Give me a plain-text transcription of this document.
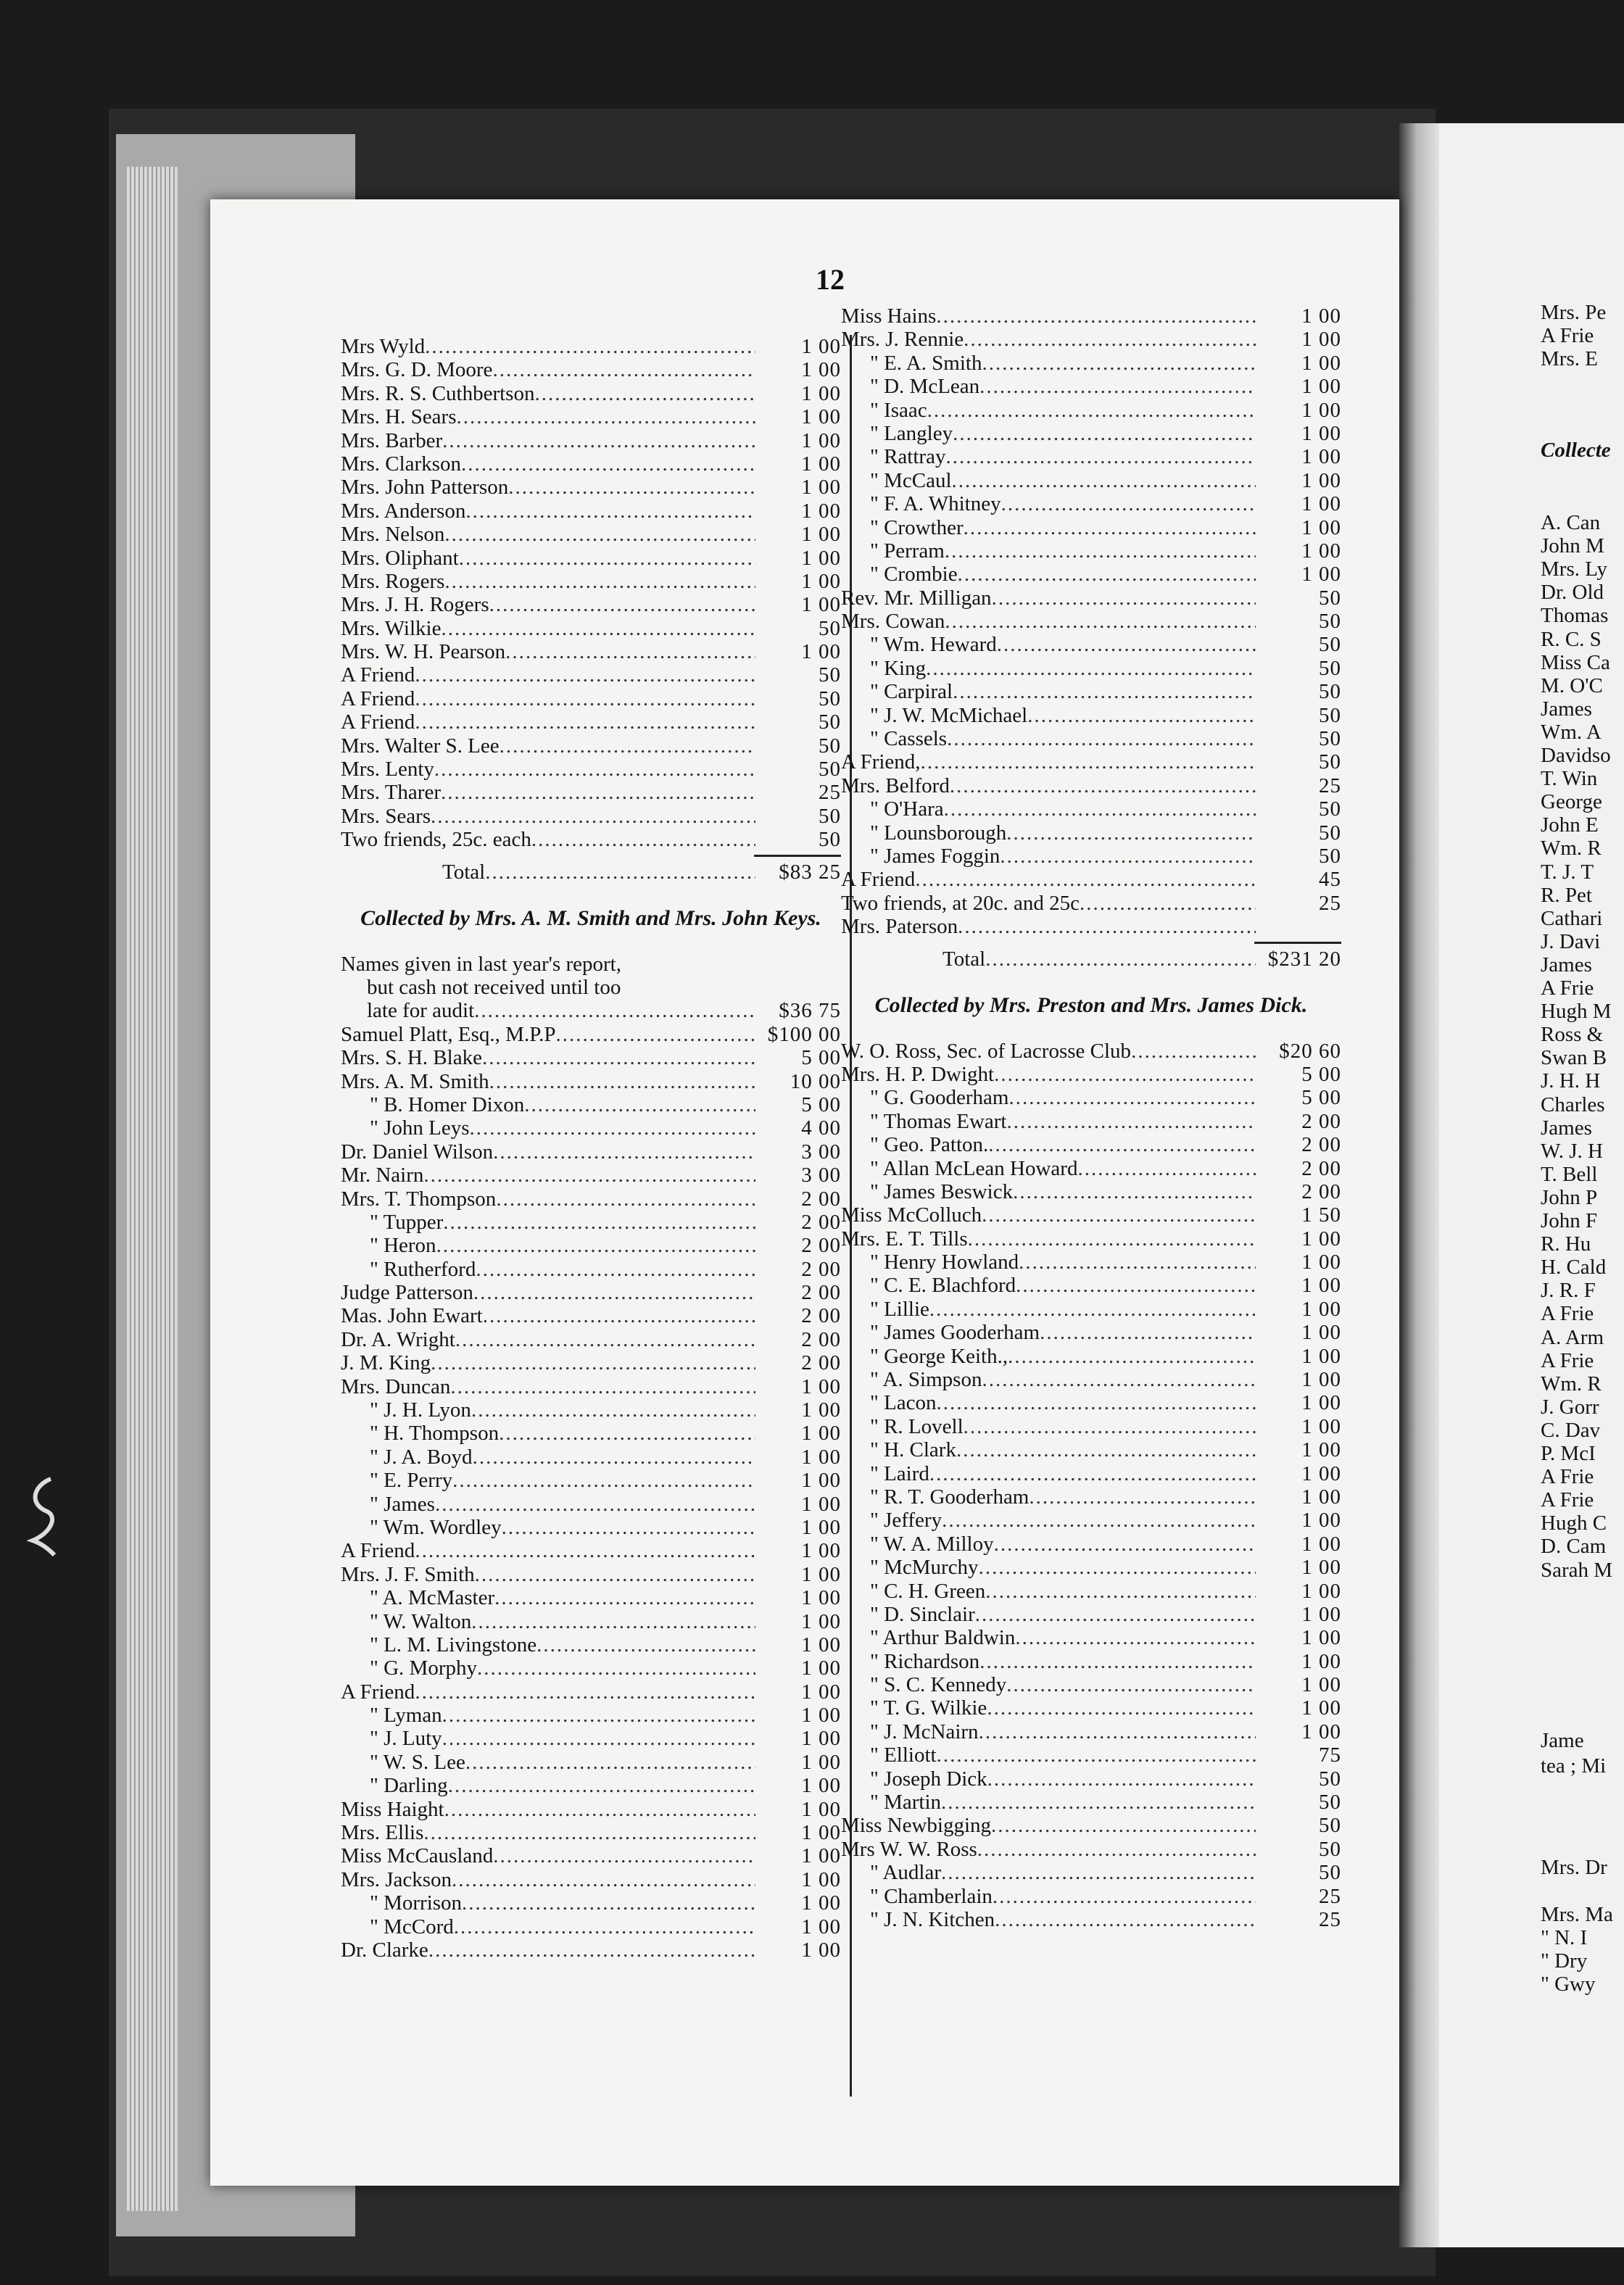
Mrs. Pe
A Frie
Mrs. E
Collecte
A. Can
John M
Mrs. Ly
Dr. Old
Thomas
R. C. S
Miss Ca
M. O'C
James
Wm. A
Davidso
T. Win
George
John E
Wm. R
T. J. T
R. Pet
Cathari
J. Davi
James
A Frie
Hugh M
Ross &
Swan B
J. H. H
Charles
James
W. J. H
T. Bell
John P
John F
R. Hu
H. Cald
J. R. F
A Frie
A. Arm
A Frie
Wm. R
J. Gorr
C. Dav
P. McI
A Frie
A Frie
Hugh C
D. Cam
Sarah M
Jame
tea ; Mi
Mrs. Dr
Mrs. Ma
" N. I
" Dry
" Gwy
12
Mrs Wyld .....	1 00
Mrs. G. D. Moore .....	1 00
Mrs. R. S. Cuthbertson .....	1 00
Mrs. H. Sears .....	1 00
Mrs. Barber .....	1 00
Mrs. Clarkson .....	1 00
Mrs. John Patterson .....	1 00
Mrs. Anderson .....	1 00
Mrs. Nelson .....	1 00
Mrs. Oliphant .....	1 00
Mrs. Rogers .....	1 00
Mrs. J. H. Rogers .....	1 00
Mrs. Wilkie .....	50
Mrs. W. H. Pearson .....	1 00
A Friend .....	50
A Friend .....	50
A Friend .....	50
Mrs. Walter S. Lee .....	50
Mrs. Lenty .....	50
Mrs. Tharer .....	25
Mrs. Sears .....	50
Two friends, 25c. each .....	50
Total .....	$83 25
Collected by Mrs. A. M. Smith and Mrs. John Keys.
Names given in last year's report,
but cash not received until too
late for audit .....	$36 75
Samuel Platt, Esq., M.P.P .....	$100 00
Mrs. S. H. Blake .....	5 00
Mrs. A. M. Smith .....	10 00
" B. Homer Dixon .....	5 00
" John Leys .....	4 00
Dr. Daniel Wilson .....	3 00
Mr. Nairn .....	3 00
Mrs. T. Thompson .....	2 00
" Tupper .....	2 00
" Heron .....	2 00
" Rutherford .....	2 00
Judge Patterson .....	2 00
Mas. John Ewart .....	2 00
Dr. A. Wright .....	2 00
J. M. King .....	2 00
Mrs. Duncan .....	1 00
" J. H. Lyon .....	1 00
" H. Thompson .....	1 00
" J. A. Boyd .....	1 00
" E. Perry .....	1 00
" James .....	1 00
" Wm. Wordley .....	1 00
A Friend .....	1 00
Mrs. J. F. Smith .....	1 00
" A. McMaster .....	1 00
" W. Walton .....	1 00
" L. M. Livingstone .....	1 00
" G. Morphy .....	1 00
A Friend .....	1 00
" Lyman .....	1 00
" J. Luty .....	1 00
" W. S. Lee .....	1 00
" Darling .....	1 00
Miss Haight .....	1 00
Mrs. Ellis .....	1 00
Miss McCausland .....	1 00
Mrs. Jackson .....	1 00
" Morrison .....	1 00
" McCord .....	1 00
Dr. Clarke .....	1 00
Miss Hains .....	1 00
Mrs. J. Rennie .....	1 00
" E. A. Smith .....	1 00
" D. McLean .....	1 00
" Isaac .....	1 00
" Langley .....	1 00
" Rattray .....	1 00
" McCaul .....	1 00
" F. A. Whitney .....	1 00
" Crowther .....	1 00
" Perram .....	1 00
" Crombie .....	1 00
Rev. Mr. Milligan .....	50
Mrs. Cowan .....	50
" Wm. Heward .....	50
" King .....	50
" Carpiral .....	50
" J. W. McMichael .....	50
" Cassels .....	50
A Friend, .....	50
Mrs. Belford .....	25
" O'Hara .....	50
" Lounsborough .....	50
" James Foggin .....	50
A Friend .....	45
Two friends, at 20c. and 25c .....	25
Mrs. Paterson
.....
Total .....	$231 20
Collected by Mrs. Preston and Mrs. James Dick.
W. O. Ross, Sec. of Lacrosse Club .....	$20 60
Mrs. H. P. Dwight .....	5 00
" G. Gooderham .....	5 00
" Thomas Ewart .....	2 00
" Geo. Patton. .....	2 00
" Allan McLean Howard .....	2 00
" James Beswick .....	2 00
Miss McColluch .....	1 50
Mrs. E. T. Tills .....	1 00
" Henry Howland .....	1 00
" C. E. Blachford .....	1 00
" Lillie .....	1 00
" James Gooderham .....	1 00
" George Keith., .....	1 00
" A. Simpson .....	1 00
" Lacon .....	1 00
" R. Lovell .....	1 00
" H. Clark .....	1 00
" Laird .....	1 00
" R. T. Gooderham .....	1 00
" Jeffery .....	1 00
" W. A. Milloy .....	1 00
" McMurchy .....	1 00
" C. H. Green .....	1 00
" D. Sinclair .....	1 00
" Arthur Baldwin .....	1 00
" Richardson .....	1 00
" S. C. Kennedy .....	1 00
" T. G. Wilkie .....	1 00
" J. McNairn .....	1 00
" Elliott .....	75
" Joseph Dick .....	50
" Martin .....	50
Miss Newbigging .....	50
Mrs W. W. Ross .....	50
" Audlar .....	50
" Chamberlain .....	25
" J. N. Kitchen .....	25
